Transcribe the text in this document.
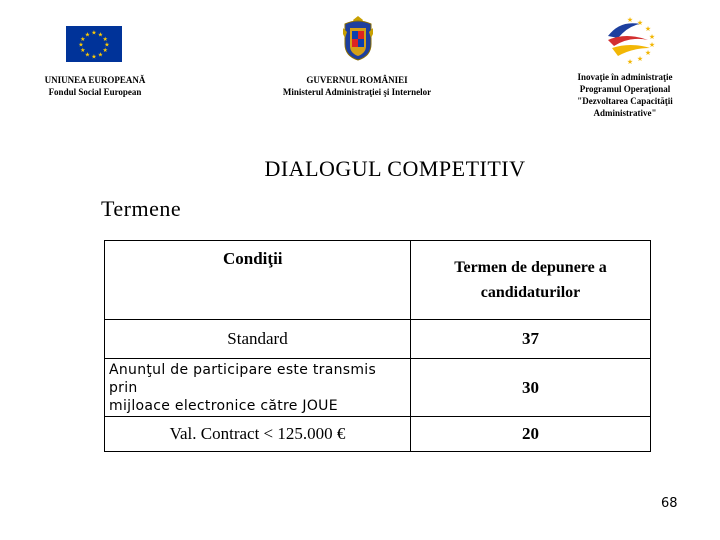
★ ★
★
★
★
★
★
★
★
★
★
★
★ ★
★
★
★
★
★
★
UNIUNEA EUROPEANĂ
Fondul Social European
GUVERNUL ROMÂNIEI
Ministerul Administraţiei şi Internelor
Inovaţie în administraţie
Programul Operaţional
"Dezvoltarea Capacităţii
Administrative"
DIALOGUL COMPETITIV
Termene
Condiţii	Termen de depunere a
candidaturilor

Standard	37

Anunţul de participare este transmis prin
mijloace electronice către JOUE	30
Val. Contract < 125.000 €	20
68
